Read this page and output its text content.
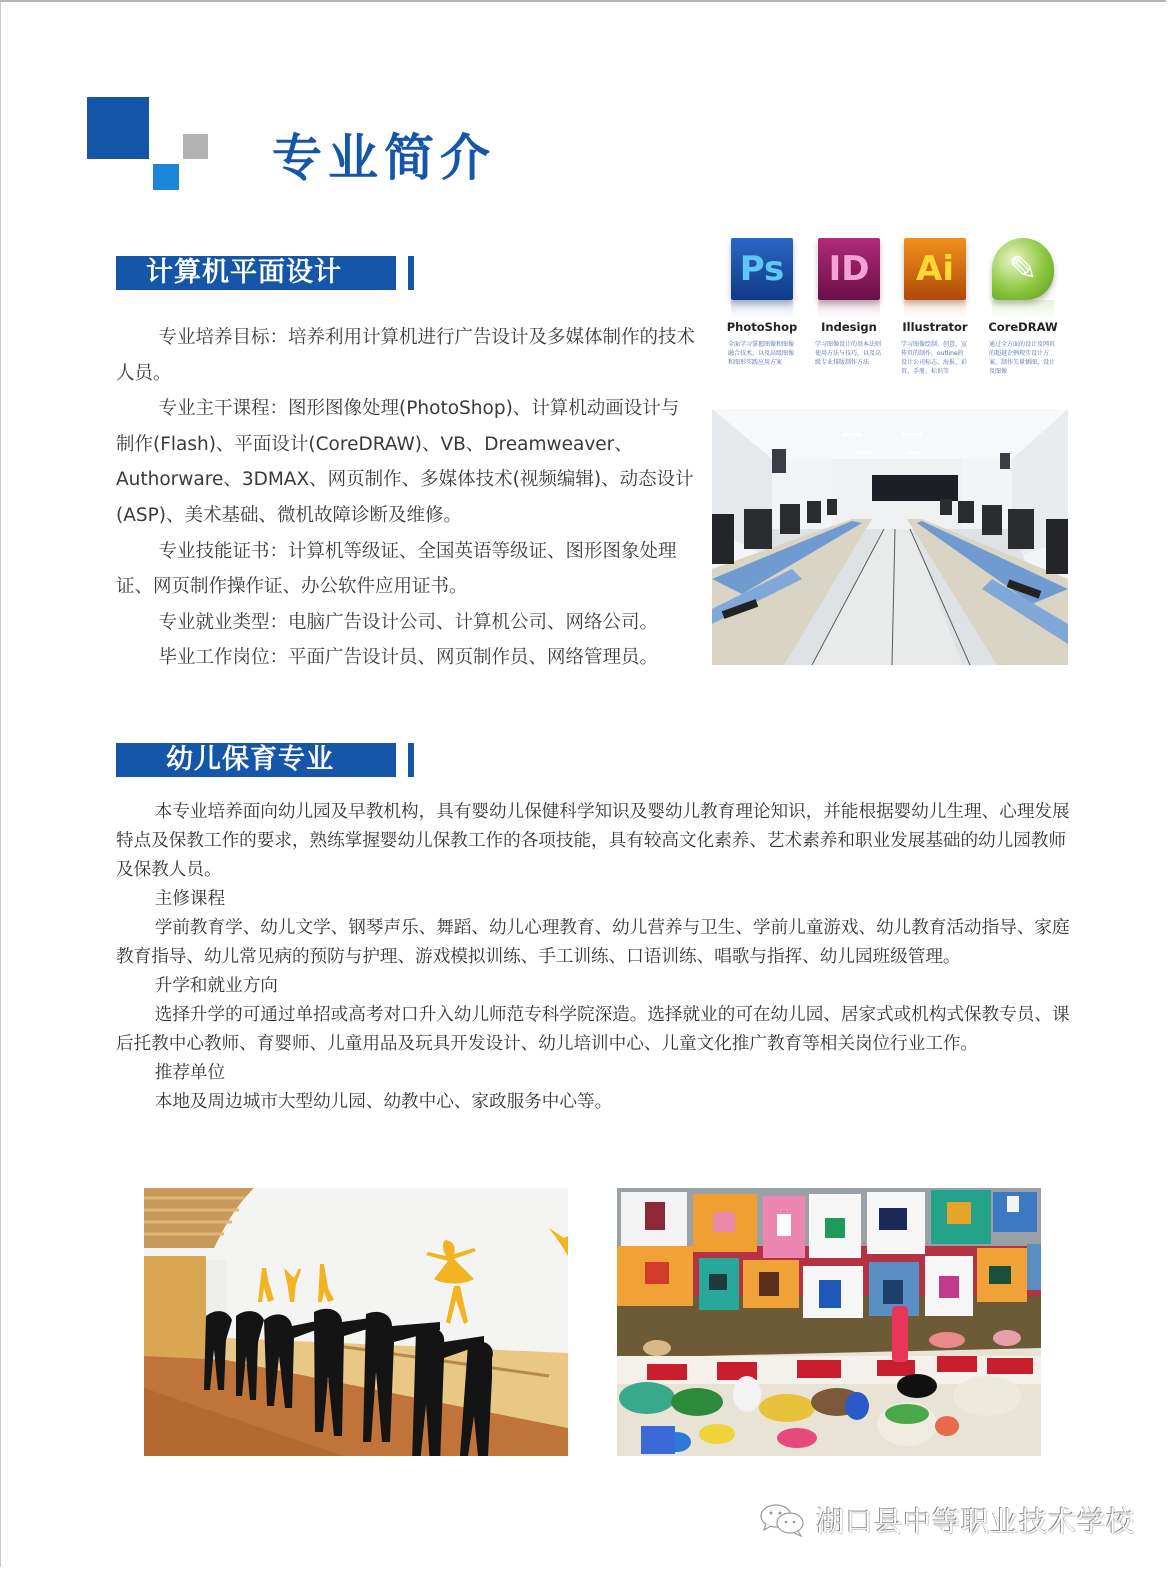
专业简介
计算机平面设计

专业培养目标：培养利用计算机进行广告设计及多媒体制作的技术人员。

专业主干课程：图形图像处理(PhotoShop)、计算机动画设计与制作(Flash)、平面设计(CoreDRAW)、VB、Dreamweaver、Authorware、3DMAX、网页制作、多媒体技术(视频编辑)、动态设计(ASP)、美术基础、微机故障诊断及维修。

专业技能证书：计算机等级证、全国英语等级证、图形图象处理证、网页制作操作证、办公软件应用证书。

专业就业类型：电脑广告设计公司、计算机公司、网络公司。

毕业工作岗位：平面广告设计员、网页制作员、网络管理员。

Ps
PhotoShop
全面学习掌握图像和图像融合技术，以及高级图像和图形实践应用方案
ID
Indesign
学习图像设计的基本法则使用方法与技巧，以及高级专业排版制作方法
Ai
Illustrator
学习图像绘制、创意、宣传页的制作，outline的设计公司标志、海报、彩页、手册、标识等
✎
CoreDRAW
通过全方面的设计及网页的超越企例现实设计方案，制作矢量插图、设计及图像
幼儿保育专业

本专业培养面向幼儿园及早教机构，具有婴幼儿保健科学知识及婴幼儿教育理论知识，并能根据婴幼儿生理、心理发展特点及保教工作的要求，熟练掌握婴幼儿保教工作的各项技能，具有较高文化素养、艺术素养和职业发展基础的幼儿园教师及保教人员。

主修课程

学前教育学、幼儿文学、钢琴声乐、舞蹈、幼儿心理教育、幼儿营养与卫生、学前儿童游戏、幼儿教育活动指导、家庭教育指导、幼儿常见病的预防与护理、游戏模拟训练、手工训练、口语训练、唱歌与指挥、幼儿园班级管理。

升学和就业方向

选择升学的可通过单招或高考对口升入幼儿师范专科学院深造。选择就业的可在幼儿园、居家式或机构式保教专员、课后托教中心教师、育婴师、儿童用品及玩具开发设计、幼儿培训中心、儿童文化推广教育等相关岗位行业工作。

推荐单位

本地及周边城市大型幼儿园、幼教中心、家政服务中心等。

湖口县中等职业技术学校
